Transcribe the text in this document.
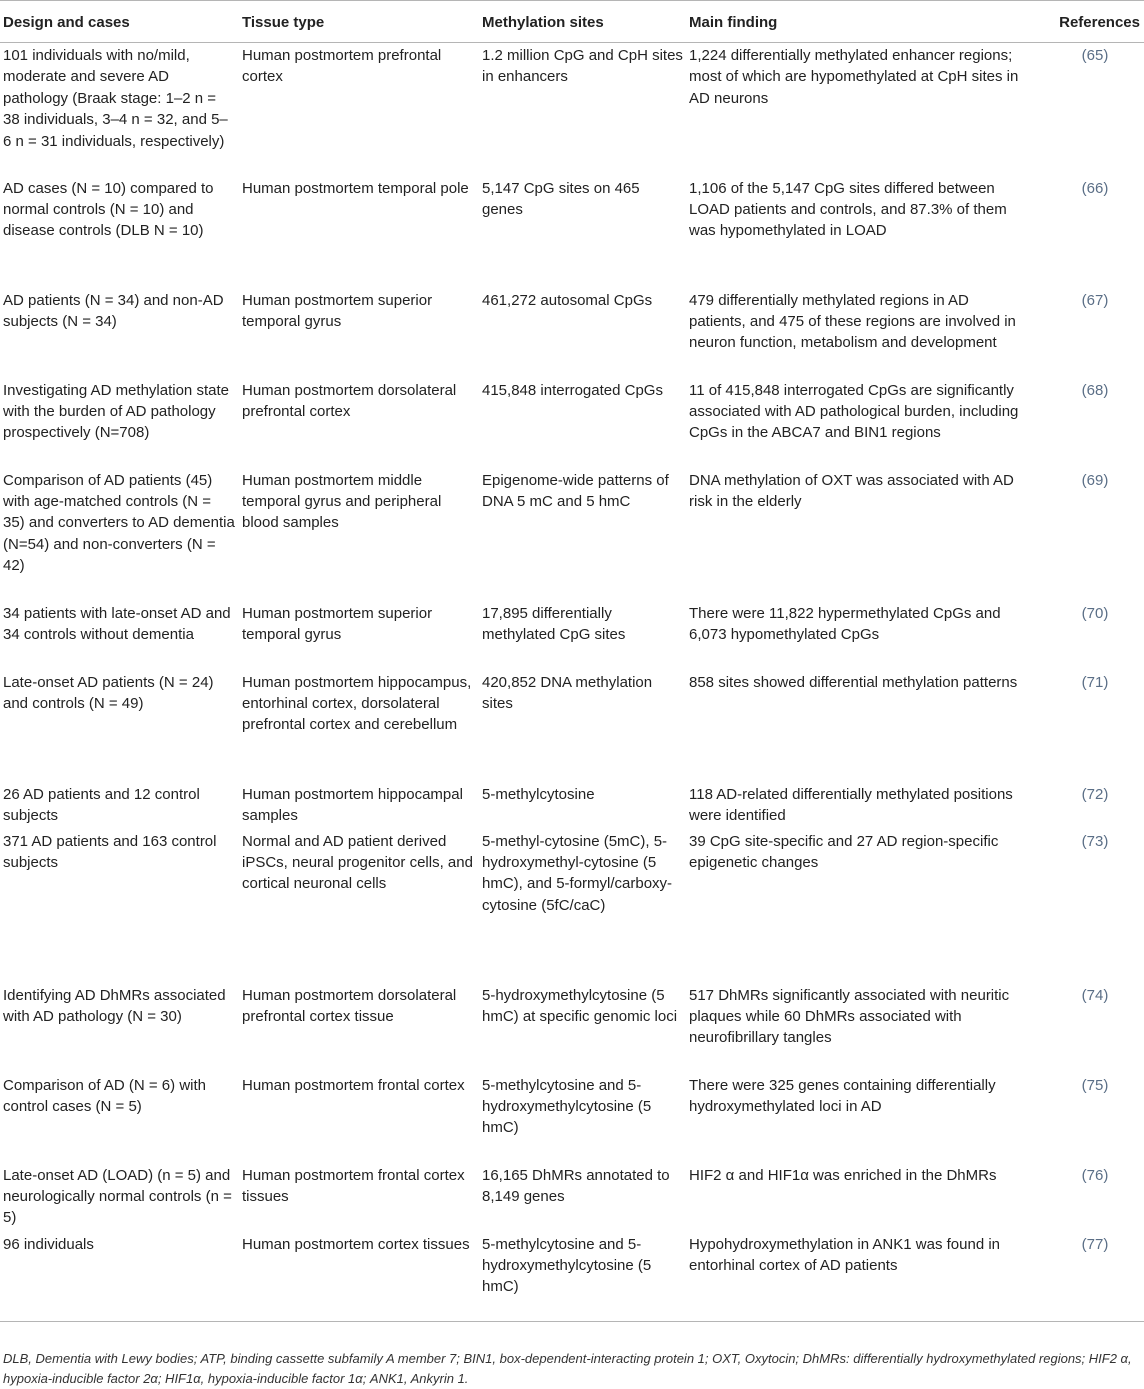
Design and cases	Tissue type	Methylation sites	Main finding	References
101 individuals with no/mild, moderate and severe AD pathology (Braak stage: 1–2 n = 38 individuals, 3–4 n = 32, and 5–6 n = 31 individuals, respectively)	Human postmortem prefrontal cortex	1.2 million CpG and CpH sites in enhancers	1,224 differentially methylated enhancer regions; most of which are hypomethylated at CpH sites in AD neurons	(65)
AD cases (N = 10) compared to normal controls (N = 10) and disease controls (DLB N = 10)	Human postmortem temporal pole	5,147 CpG sites on 465 genes	1,106 of the 5,147 CpG sites differed between LOAD patients and controls, and 87.3% of them was hypomethylated in LOAD	(66)
AD patients (N = 34) and non-AD subjects (N = 34)	Human postmortem superior temporal gyrus	461,272 autosomal CpGs	479 differentially methylated regions in AD patients, and 475 of these regions are involved in neuron function, metabolism and development	(67)
Investigating AD methylation state with the burden of AD pathology prospectively (N=708)	Human postmortem dorsolateral prefrontal cortex	415,848 interrogated CpGs	11 of 415,848 interrogated CpGs are significantly associated with AD pathological burden, including CpGs in the ABCA7 and BIN1 regions	(68)
Comparison of AD patients (45) with age-matched controls (N = 35) and converters to AD dementia (N=54) and non-converters (N = 42)	Human postmortem middle temporal gyrus and peripheral blood samples	Epigenome-wide patterns of DNA 5 mC and 5 hmC	DNA methylation of OXT was associated with AD risk in the elderly	(69)
34 patients with late-onset AD and 34 controls without dementia	Human postmortem superior temporal gyrus	17,895 differentially methylated CpG sites	There were 11,822 hypermethylated CpGs and 6,073 hypomethylated CpGs	(70)
Late-onset AD patients (N = 24) and controls (N = 49)	Human postmortem hippocampus, entorhinal cortex, dorsolateral prefrontal cortex and cerebellum	420,852 DNA methylation sites	858 sites showed differential methylation patterns	(71)
26 AD patients and 12 control subjects	Human postmortem hippocampal samples	5-methylcytosine	118 AD-related differentially methylated positions were identified	(72)
371 AD patients and 163 control subjects	Normal and AD patient derived iPSCs, neural progenitor cells, and cortical neuronal cells	5-methyl-cytosine (5mC), 5-hydroxymethyl-cytosine (5 hmC), and 5-formyl/carboxy-cytosine (5fC/caC)	39 CpG site-specific and 27 AD region-specific epigenetic changes	(73)
Identifying AD DhMRs associated with AD pathology (N = 30)	Human postmortem dorsolateral prefrontal cortex tissue	5-hydroxymethylcytosine (5 hmC) at specific genomic loci	517 DhMRs significantly associated with neuritic plaques while 60 DhMRs associated with neurofibrillary tangles	(74)
Comparison of AD (N = 6) with control cases (N = 5)	Human postmortem frontal cortex	5-methylcytosine and 5-hydroxymethylcytosine (5 hmC)	There were 325 genes containing differentially hydroxymethylated loci in AD	(75)
Late-onset AD (LOAD) (n = 5) and neurologically normal controls (n = 5)	Human postmortem frontal cortex tissues	16,165 DhMRs annotated to 8,149 genes	HIF2 α and HIF1α was enriched in the DhMRs	(76)
96 individuals	Human postmortem cortex tissues	5-methylcytosine and 5-hydroxymethylcytosine (5 hmC)	Hypohydroxymethylation in ANK1 was found in entorhinal cortex of AD patients	(77)
DLB, Dementia with Lewy bodies; ATP, binding cassette subfamily A member 7; BIN1, box-dependent-interacting protein 1; OXT, Oxytocin; DhMRs: differentially hydroxymethylated regions; HIF2 α, hypoxia-inducible factor 2α; HIF1α, hypoxia-inducible factor 1α; ANK1, Ankyrin 1.
